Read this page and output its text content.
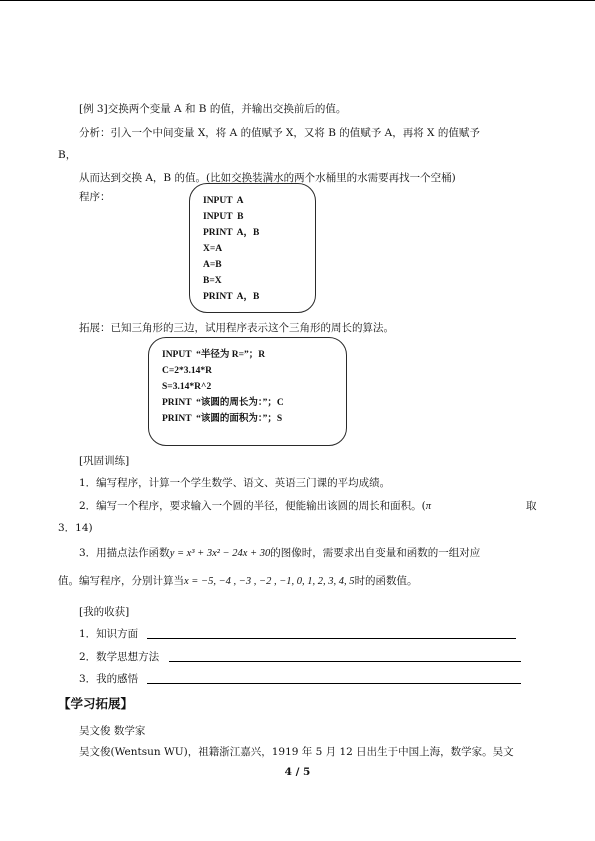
[例 3]交换两个变量 A 和 B 的值，并输出交换前后的值。
分析：引入一个中间变量 X，将 A 的值赋予 X，又将 B 的值赋予 A，再将 X 的值赋予
B，
从而达到交换 A，B 的值。(比如交换装满水的两个水桶里的水需要再找一个空桶)
程序：	INPUT  A
INPUT  B
PRINT  A，B
X=A
A=B
B=X
PRINT  A，B
拓展：已知三角形的三边，试用程序表示这个三角形的周长的算法。
INPUT  “半径为 R=”；R
C=2*3.14*R
S=3.14*R^2
PRINT  “该圆的周长为：”；C
PRINT  “该圆的面积为：”；S
[巩固训练]
1．编写程序，计算一个学生数学、语文、英语三门课的平均成绩。
2．编写一个程序，要求输入一个圆的半径，便能输出该圆的周长和面积。(π	取
3．14)
3．用描点法作函数y = x³ + 3x² − 24x + 30的图像时，需要求出自变量和函数的一组对应
值。编写程序，分别计算当x = −5, −4 , −3 , −2 , −1, 0, 1, 2, 3, 4, 5时的函数值。
[我的收获]
1．知识方面
2．数学思想方法
3．我的感悟
【学习拓展】
吴文俊 数学家
吴文俊(Wentsun WU)，祖籍浙江嘉兴，1919 年 5 月 12 日出生于中国上海，数学家。吴文
4 / 5
